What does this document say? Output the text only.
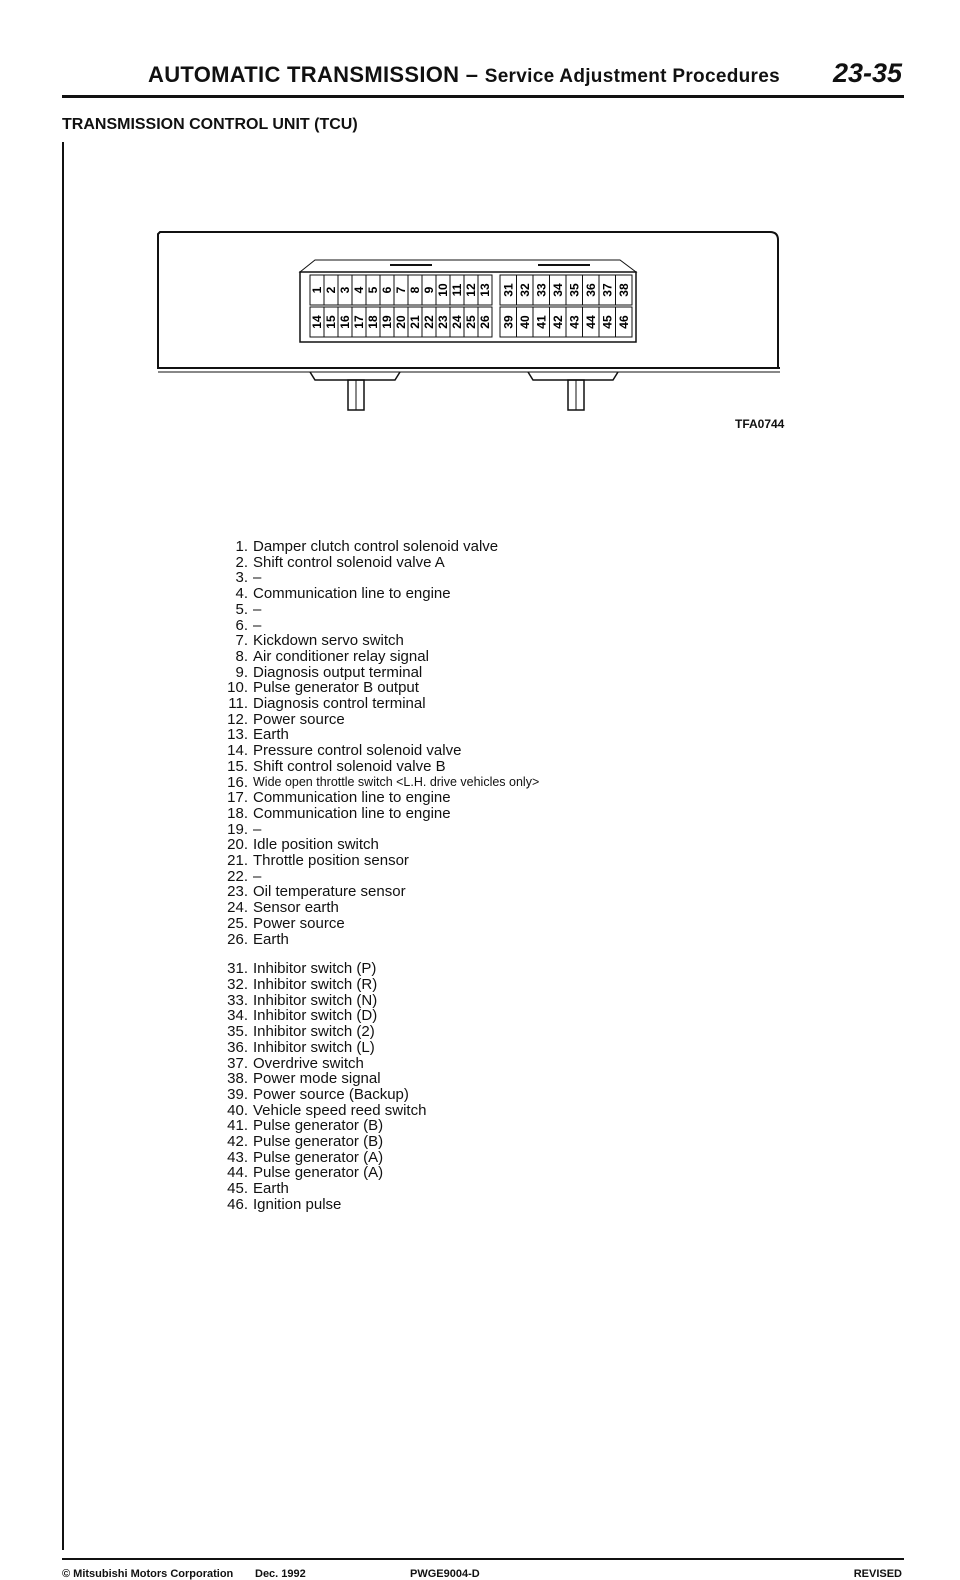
AUTOMATIC TRANSMISSION – Service Adjustment Procedures 23-35
TRANSMISSION CONTROL UNIT (TCU)
1 2 3 4 5 6 7 8 9 10 11 12 13
14 15 16 17 18 19 20 21 22 23 24 25 26
31 32 33 34 35 36 37 38
39 40 41 42 43 44 45 46
TFA0744
1. Damper clutch control solenoid valve
2. Shift control solenoid valve A
3. –
4. Communication line to engine
5. –
6. –
7. Kickdown servo switch
8. Air conditioner relay signal
9. Diagnosis output terminal
10. Pulse generator B output
11. Diagnosis control terminal
12. Power source
13. Earth
14. Pressure control solenoid valve
15. Shift control solenoid valve B
16. Wide open throttle switch <L.H. drive vehicles only>
17. Communication line to engine
18. Communication line to engine
19. –
20. Idle position switch
21. Throttle position sensor
22. –
23. Oil temperature sensor
24. Sensor earth
25. Power source
26. Earth
31. Inhibitor switch (P)
32. Inhibitor switch (R)
33. Inhibitor switch (N)
34. Inhibitor switch (D)
35. Inhibitor switch (2)
36. Inhibitor switch (L)
37. Overdrive switch
38. Power mode signal
39. Power source (Backup)
40. Vehicle speed reed switch
41. Pulse generator (B)
42. Pulse generator (B)
43. Pulse generator (A)
44. Pulse generator (A)
45. Earth
46. Ignition pulse
© Mitsubishi Motors Corporation Dec. 1992	PWGE9004-D	REVISED
